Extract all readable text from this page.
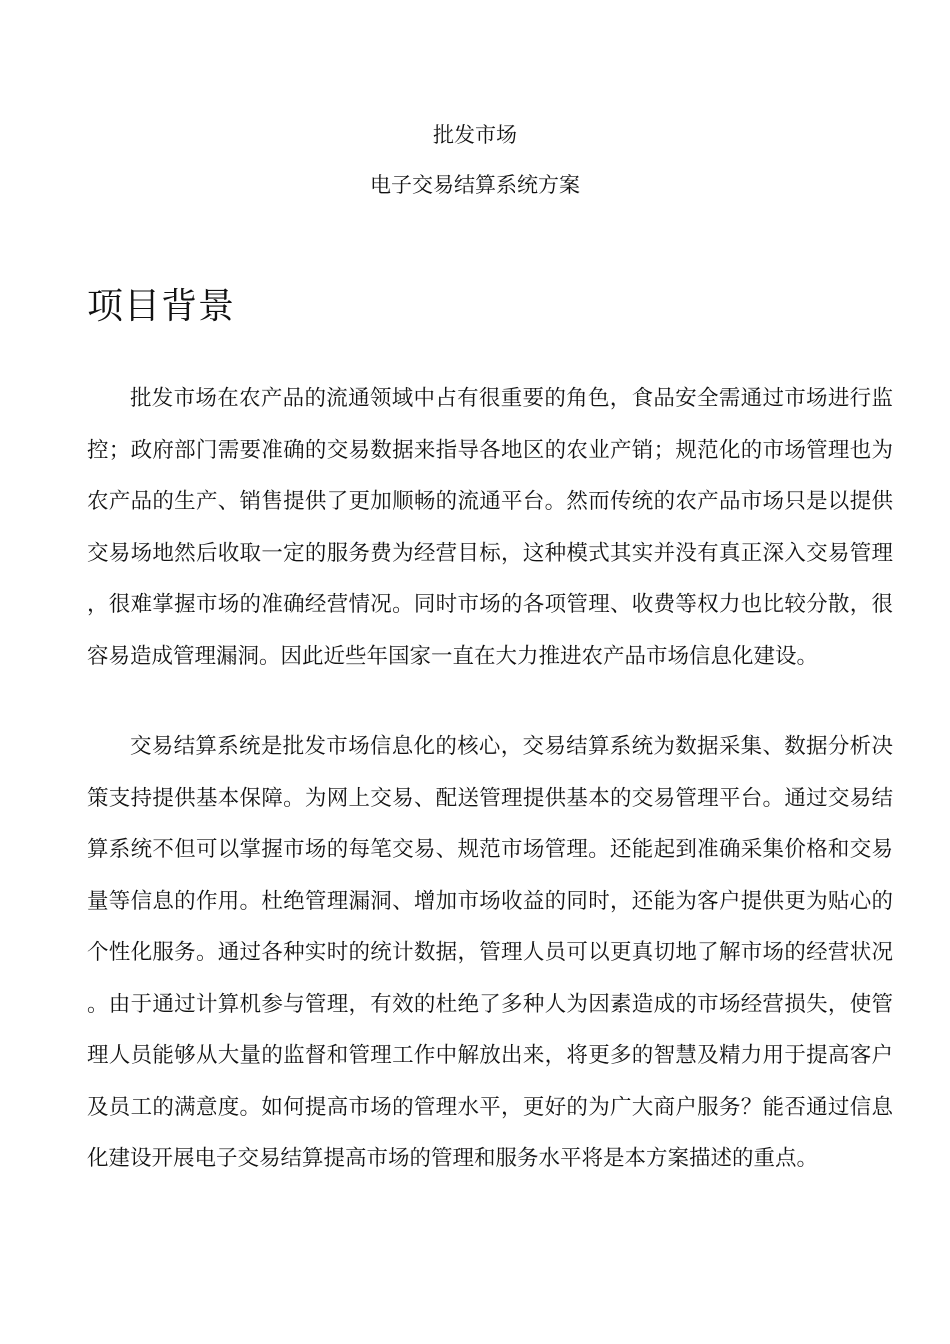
批发市场
电子交易结算系统方案
项目背景

批发市场在农产品的流通领域中占有很重要的角色，食品安全需通过市场进行监控；政府部门需要准确的交易数据来指导各地区的农业产销；规范化的市场管理也为农产品的生产、销售提供了更加顺畅的流通平台。然而传统的农产品市场只是以提供交易场地然后收取一定的服务费为经营目标，这种模式其实并没有真正深入交易管理，很难掌握市场的准确经营情况。同时市场的各项管理、收费等权力也比较分散，很容易造成管理漏洞。因此近些年国家一直在大力推进农产品市场信息化建设。

交易结算系统是批发市场信息化的核心，交易结算系统为数据采集、数据分析决策支持提供基本保障。为网上交易、配送管理提供基本的交易管理平台。通过交易结算系统不但可以掌握市场的每笔交易、规范市场管理。还能起到准确采集价格和交易量等信息的作用。杜绝管理漏洞、增加市场收益的同时，还能为客户提供更为贴心的个性化服务。通过各种实时的统计数据，管理人员可以更真切地了解市场的经营状况。由于通过计算机参与管理，有效的杜绝了多种人为因素造成的市场经营损失，使管理人员能够从大量的监督和管理工作中解放出来，将更多的智慧及精力用于提高客户及员工的满意度。如何提高市场的管理水平，更好的为广大商户服务？能否通过信息化建设开展电子交易结算提高市场的管理和服务水平将是本方案描述的重点。
